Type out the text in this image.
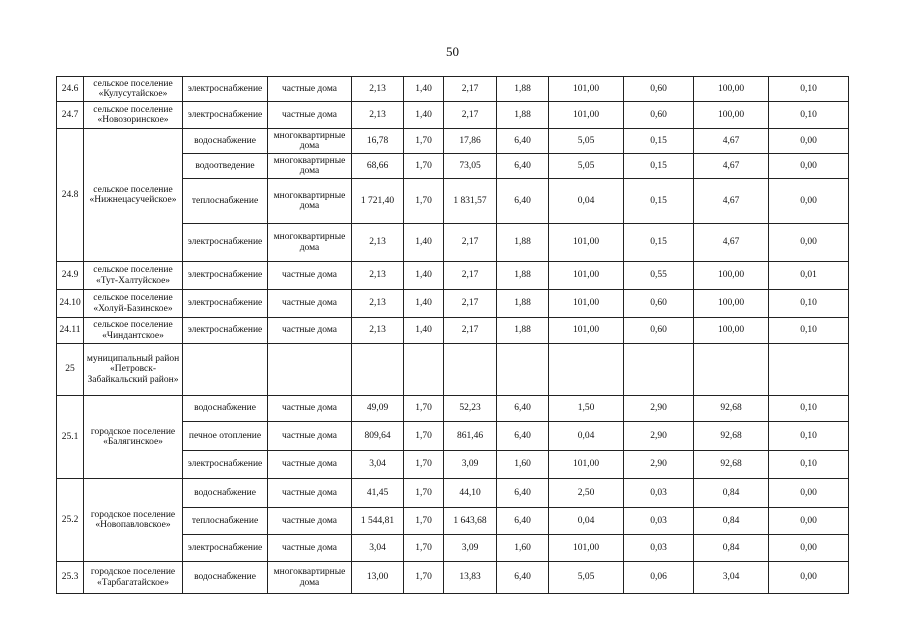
50
24.6	сельское поселение «Кулусутайское»	электроснабжение	частные дома	2,13	1,40	2,17	1,88	101,00	0,60	100,00	0,10
24.7	сельское поселение «Новозоринское»	электроснабжение	частные дома	2,13	1,40	2,17	1,88	101,00	0,60	100,00	0,10
24.8	сельское поселение «Нижнецасучейское»	водоснабжение	многоквартирные дома	16,78	1,70	17,86	6,40	5,05	0,15	4,67	0,00
		водоотведение	многоквартирные дома	68,66	1,70	73,05	6,40	5,05	0,15	4,67	0,00
		теплоснабжение	многоквартирные дома	1 721,40	1,70	1 831,57	6,40	0,04	0,15	4,67	0,00
		электроснабжение	многоквартирные дома	2,13	1,40	2,17	1,88	101,00	0,15	4,67	0,00
24.9	сельское поселение «Тут-Халтуйское»	электроснабжение	частные дома	2,13	1,40	2,17	1,88	101,00	0,55	100,00	0,01
24.10	сельское поселение «Холуй-Базинское»	электроснабжение	частные дома	2,13	1,40	2,17	1,88	101,00	0,60	100,00	0,10
24.11	сельское поселение «Чиндантское»	электроснабжение	частные дома	2,13	1,40	2,17	1,88	101,00	0,60	100,00	0,10
25	муниципальный район «Петровск-Забайкальский район»										
25.1	городское поселение «Балягинское»	водоснабжение	частные дома	49,09	1,70	52,23	6,40	1,50	2,90	92,68	0,10
		печное отопление	частные дома	809,64	1,70	861,46	6,40	0,04	2,90	92,68	0,10
		электроснабжение	частные дома	3,04	1,70	3,09	1,60	101,00	2,90	92,68	0,10
25.2	городское поселение «Новопавловское»	водоснабжение	частные дома	41,45	1,70	44,10	6,40	2,50	0,03	0,84	0,00
		теплоснабжение	частные дома	1 544,81	1,70	1 643,68	6,40	0,04	0,03	0,84	0,00
		электроснабжение	частные дома	3,04	1,70	3,09	1,60	101,00	0,03	0,84	0,00
25.3	городское поселение «Тарбагатайское»	водоснабжение	многоквартирные дома	13,00	1,70	13,83	6,40	5,05	0,06	3,04	0,00
